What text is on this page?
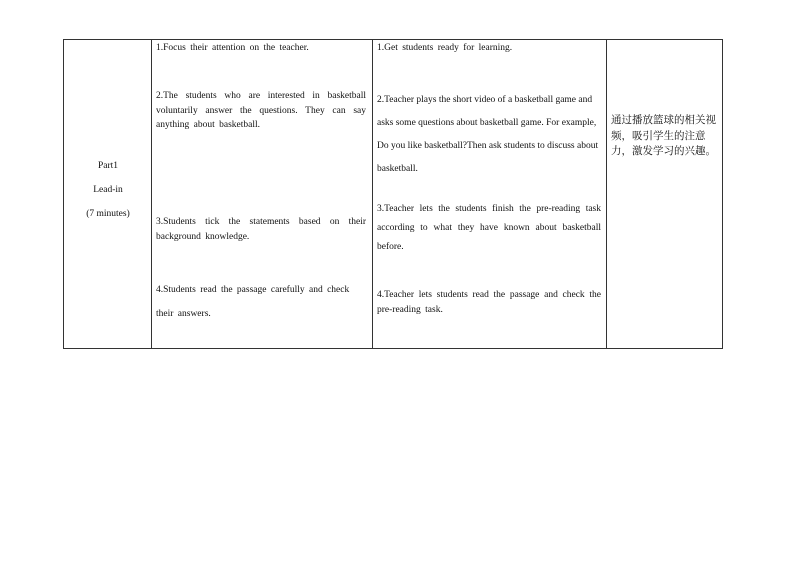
Part1
Lead-in
(7 minutes)
1.Focus their attention on the teacher.
2.The students who are interested in basketball voluntarily answer the questions. They can say anything about basketball.
3.Students tick the statements based on their background knowledge.
4.Students read the passage carefully and check their answers.
1.Get students ready for learning.
2.Teacher plays the short video of a basketball game and asks some questions about basketball game. For example, Do you like basketball?Then ask students to discuss about basketball.
3.Teacher lets the students finish the pre-reading task according to what they have known about basketball before.
4.Teacher lets students read the passage and check the pre-reading task.
通过播放篮球的相关视频，吸引学生的注意力，激发学习的兴趣。
